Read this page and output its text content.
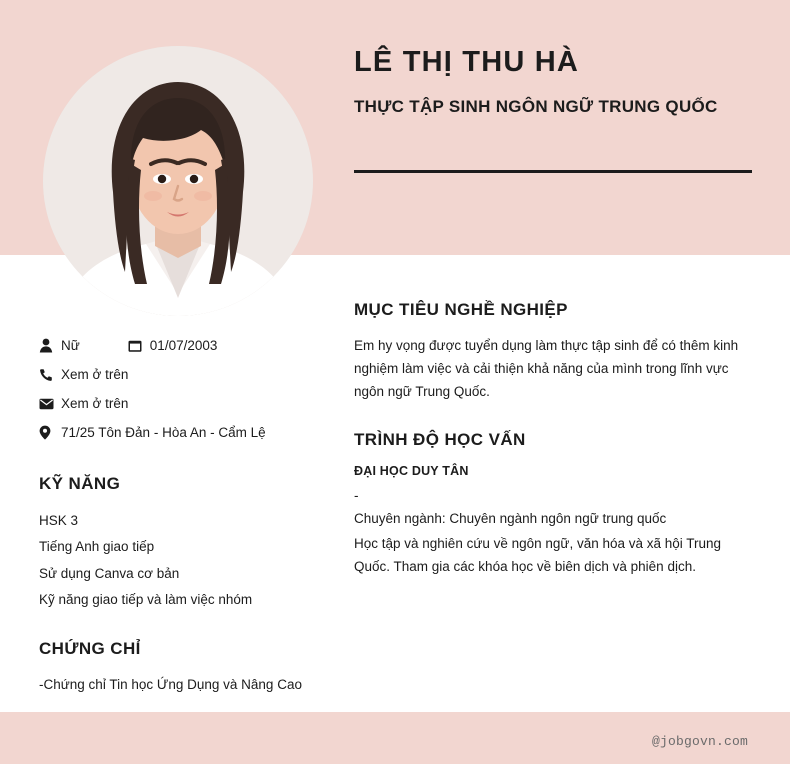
LÊ THỊ THU HÀ
THỰC TẬP SINH NGÔN NGỮ TRUNG QUỐC
Nữ	01/07/2003
Xem ở trên
Xem ở trên
71/25 Tôn Đản - Hòa An - Cẩm Lệ
KỸ NĂNG
HSK 3
Tiếng Anh giao tiếp
Sử dụng Canva cơ bản
Kỹ năng giao tiếp và làm việc nhóm
CHỨNG CHỈ
-Chứng chỉ Tin học Ứng Dụng và Nâng Cao
MỤC TIÊU NGHỀ NGHIỆP

Em hy vọng được tuyển dụng làm thực tập sinh để có thêm kinh nghiệm làm việc và cải thiện khả năng của mình trong lĩnh vực ngôn ngữ Trung Quốc.

TRÌNH ĐỘ HỌC VẤN
ĐẠI HỌC DUY TÂN
-
Chuyên ngành: Chuyên ngành ngôn ngữ trung quốc

Học tập và nghiên cứu về ngôn ngữ, văn hóa và xã hội Trung Quốc. Tham gia các khóa học về biên dịch và phiên dịch.

@jobgovn.com
